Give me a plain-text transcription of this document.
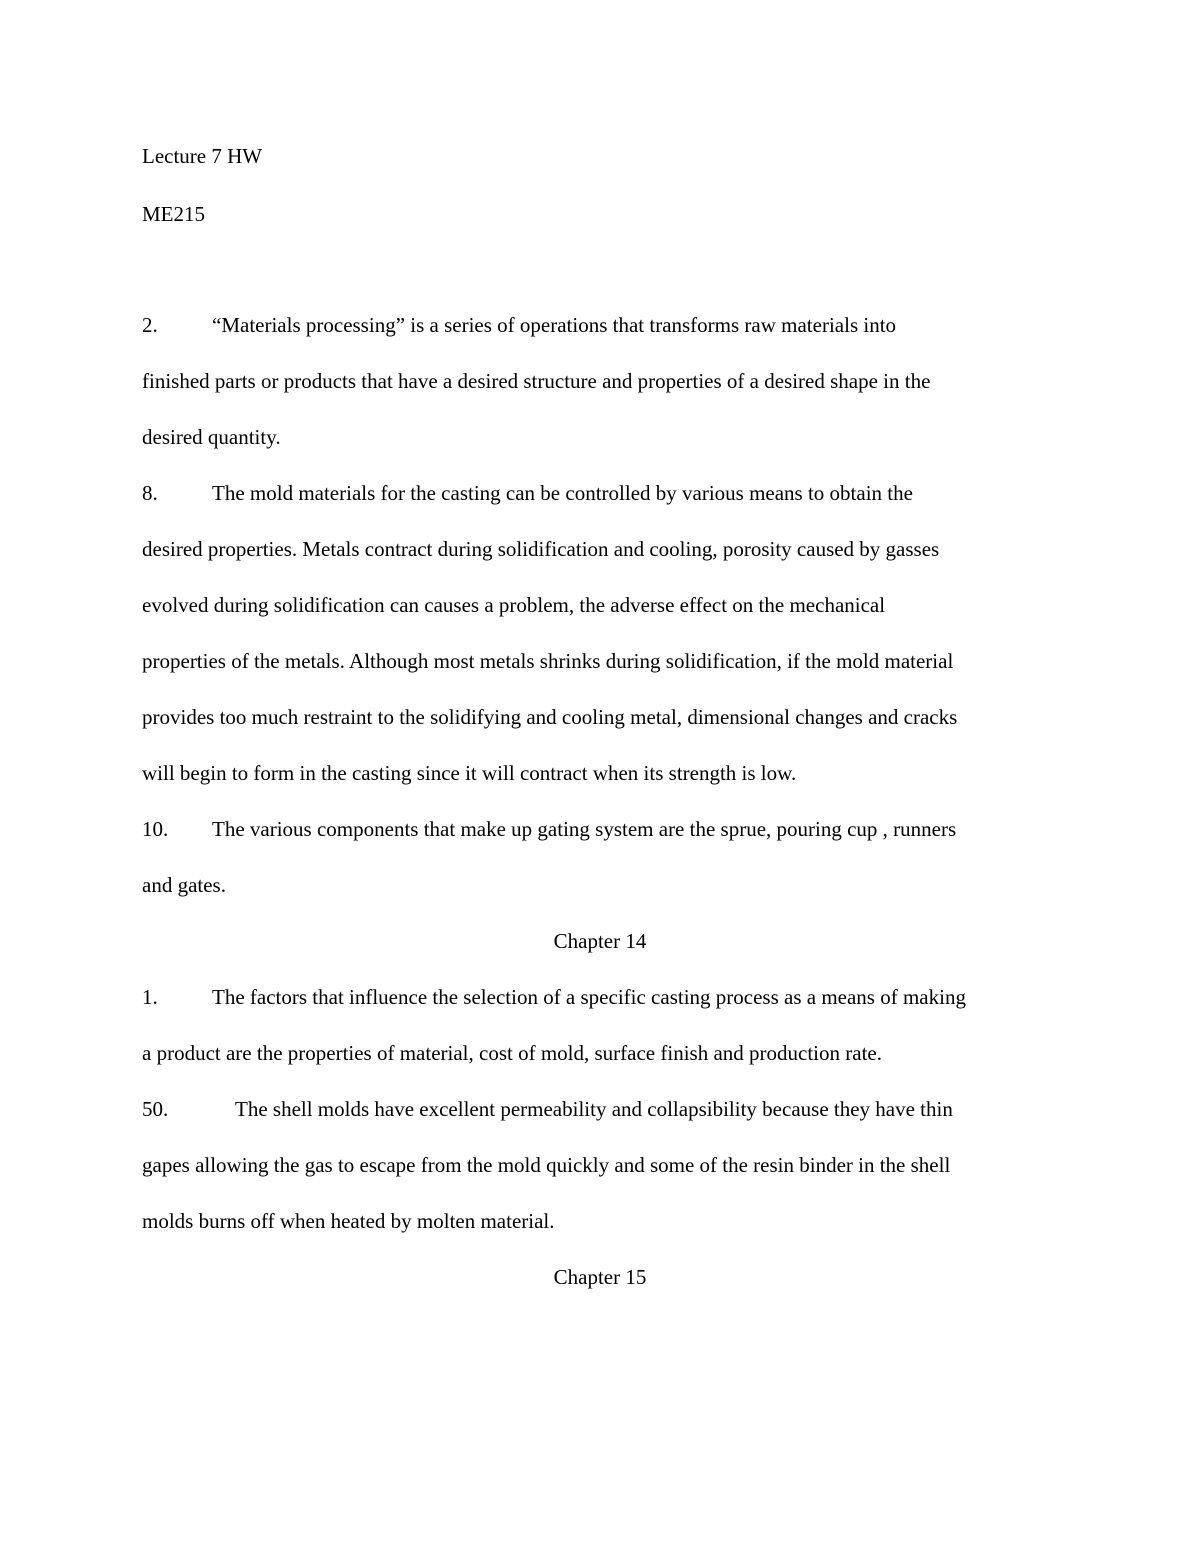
Lecture 7 HW
ME215
2.	“Materials processing” is a series of operations that transforms raw materials into
finished parts or products that have a desired structure and properties of a desired shape in the
desired quantity.
8.	The mold materials for the casting can be controlled by various means to obtain the
desired properties. Metals contract during solidification and cooling, porosity caused by gasses
evolved during solidification can causes a problem, the adverse effect on the mechanical
properties of the metals. Although most metals shrinks during solidification, if the mold material
provides too much restraint to the solidifying and cooling metal, dimensional changes and cracks
will begin to form in the casting since it will contract when its strength is low.
10. The various components that make up gating system are the sprue, pouring cup , runners
and gates.
Chapter 14
1.	The factors that influence the selection of a specific casting process as a means of making
a product are the properties of material, cost of mold, surface finish and production rate.
50.	The shell molds have excellent permeability and collapsibility because they have thin
gapes allowing the gas to escape from the mold quickly and some of the resin binder in the shell
molds burns off when heated by molten material.
Chapter 15
